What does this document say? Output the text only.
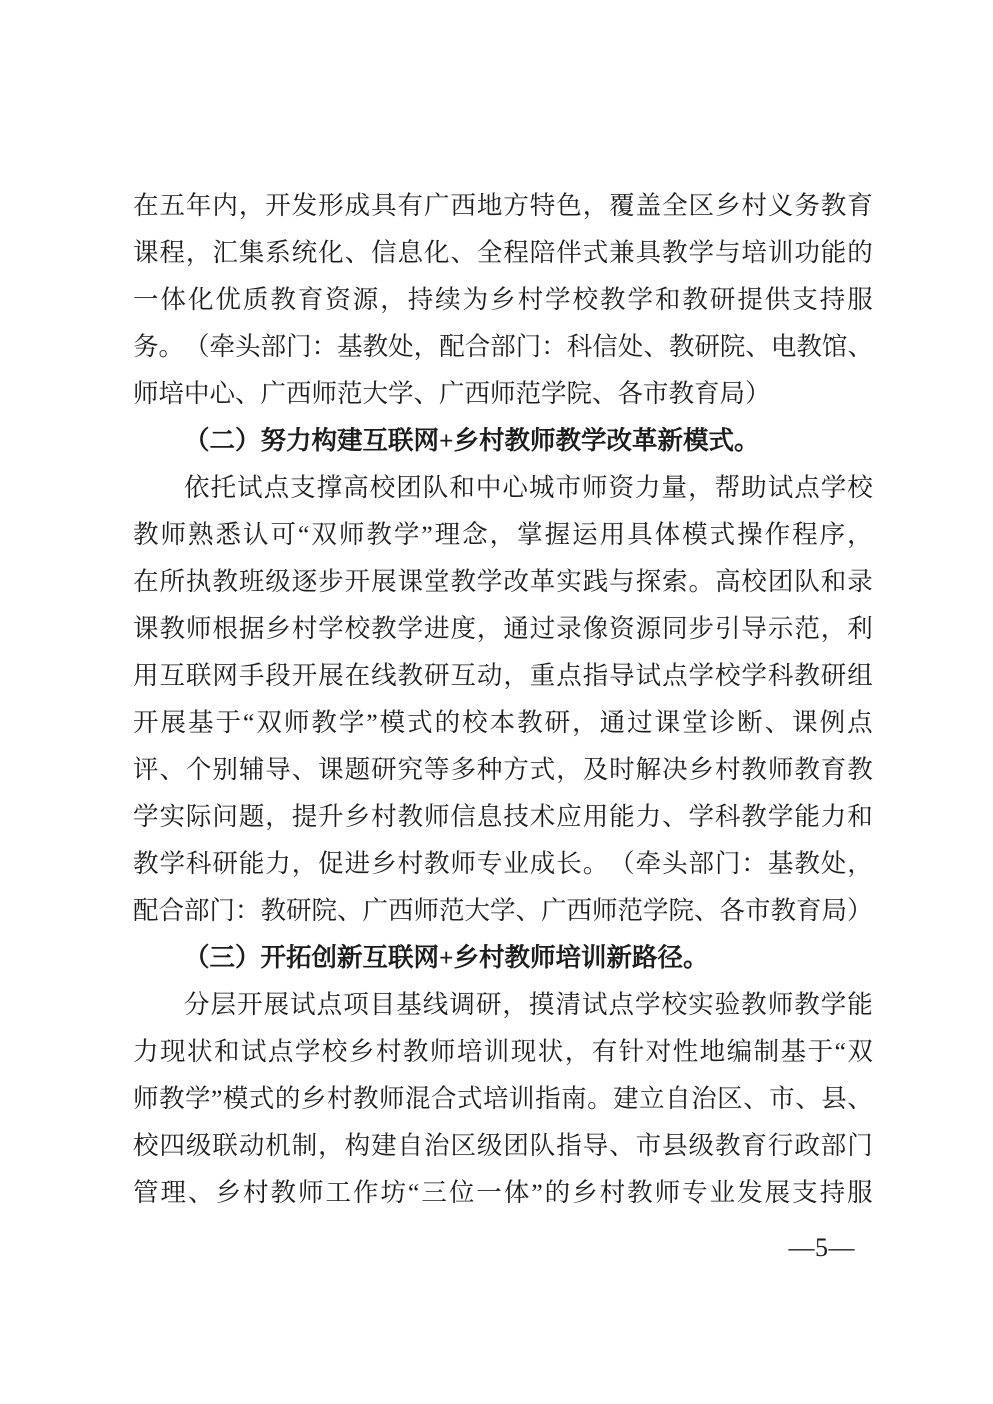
在 五 年 内 ， 开 发 形 成 具 有 广 西 地 方 特 色 ， 覆 盖 全 区 乡 村 义 务 教 育
课 程 ， 汇 集 系 统 化 、 信 息 化 、 全 程 陪 伴 式 兼 具 教 学 与 培 训 功 能 的
一 体 化 优 质 教 育 资 源 ， 持 续 为 乡 村 学 校 教 学 和 教 研 提 供 支 持 服
务 。 （ 牵 头 部 门 ： 基 教 处 ， 配 合 部 门 ： 科 信 处 、 教 研 院 、 电 教 馆 、
师培中心、广西师范大学、广西师范学院、各市教育局）
（二）努力构建互联网+乡村教师教学改革新模式。
依 托 试 点 支 撑 高 校 团 队 和 中 心 城 市 师 资 力 量 ， 帮 助 试 点 学 校
教 师 熟 悉 认 可 “ 双 师 教 学 ” 理 念 ， 掌 握 运 用 具 体 模 式 操 作 程 序 ，
在 所 执 教 班 级 逐 步 开 展 课 堂 教 学 改 革 实 践 与 探 索 。 高 校 团 队 和 录
课 教 师 根 据 乡 村 学 校 教 学 进 度 ， 通 过 录 像 资 源 同 步 引 导 示 范 ， 利
用 互 联 网 手 段 开 展 在 线 教 研 互 动 ， 重 点 指 导 试 点 学 校 学 科 教 研 组
开 展 基 于 “ 双 师 教 学 ” 模 式 的 校 本 教 研 ， 通 过 课 堂 诊 断 、 课 例 点
评 、 个 别 辅 导 、 课 题 研 究 等 多 种 方 式 ， 及 时 解 决 乡 村 教 师 教 育 教
学 实 际 问 题 ， 提 升 乡 村 教 师 信 息 技 术 应 用 能 力 、 学 科 教 学 能 力 和
教 学 科 研 能 力 ， 促 进 乡 村 教 师 专 业 成 长 。 （ 牵 头 部 门 ： 基 教 处 ，
配合部门：教研院、广西师范大学、广西师范学院、各市教育局）
（三）开拓创新互联网+乡村教师培训新路径。
分 层 开 展 试 点 项 目 基 线 调 研 ， 摸 清 试 点 学 校 实 验 教 师 教 学 能
力 现 状 和 试 点 学 校 乡 村 教 师 培 训 现 状 ， 有 针 对 性 地 编 制 基 于 “ 双
师 教 学 ” 模 式 的 乡 村 教 师 混 合 式 培 训 指 南 。 建 立 自 治 区 、 市 、 县 、
校 四 级 联 动 机 制 ， 构 建 自 治 区 级 团 队 指 导 、 市 县 级 教 育 行 政 部 门
管 理 、 乡 村 教 师 工 作 坊 “ 三 位 一 体 ” 的 乡 村 教 师 专 业 发 展 支 持 服
—5—
